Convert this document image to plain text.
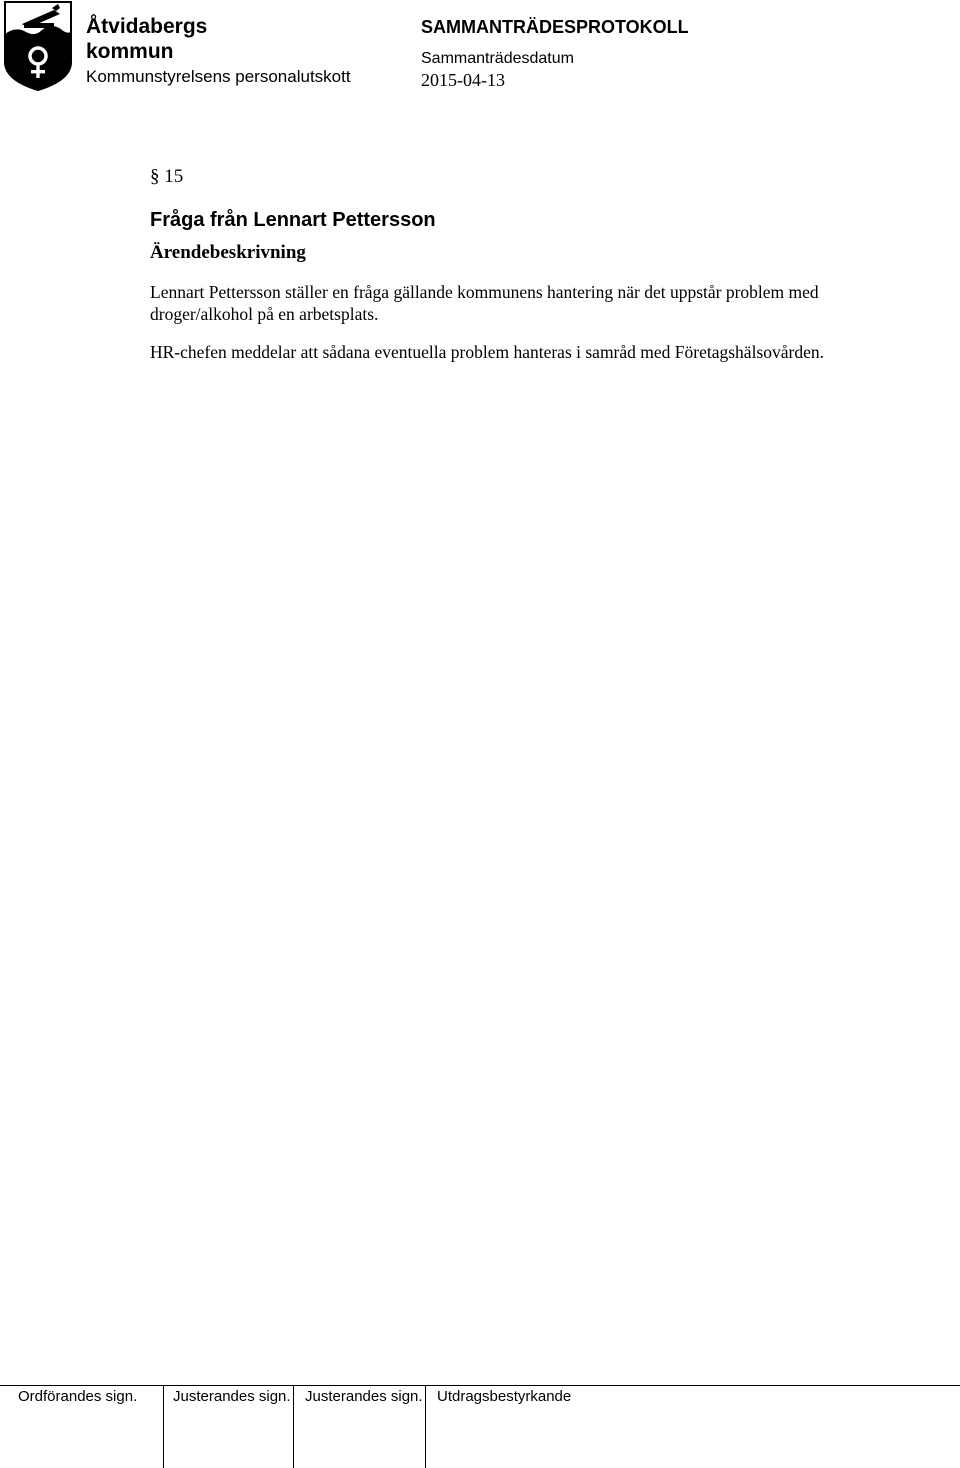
Åtvidabergs
kommun
Kommunstyrelsens personalutskott
SAMMANTRÄDESPROTOKOLL
Sammanträdesdatum
2015-04-13
§ 15
Fråga från Lennart Pettersson
Ärendebeskrivning

Lennart Pettersson ställer en fråga gällande kommunens hantering när det uppstår problem med droger/alkohol på en arbetsplats.

HR-chefen meddelar att sådana eventuella problem hanteras i samråd med Företagshälsovården.

Ordförandes sign.	Justerandes sign. Justerandes sign. Utdragsbestyrkande
